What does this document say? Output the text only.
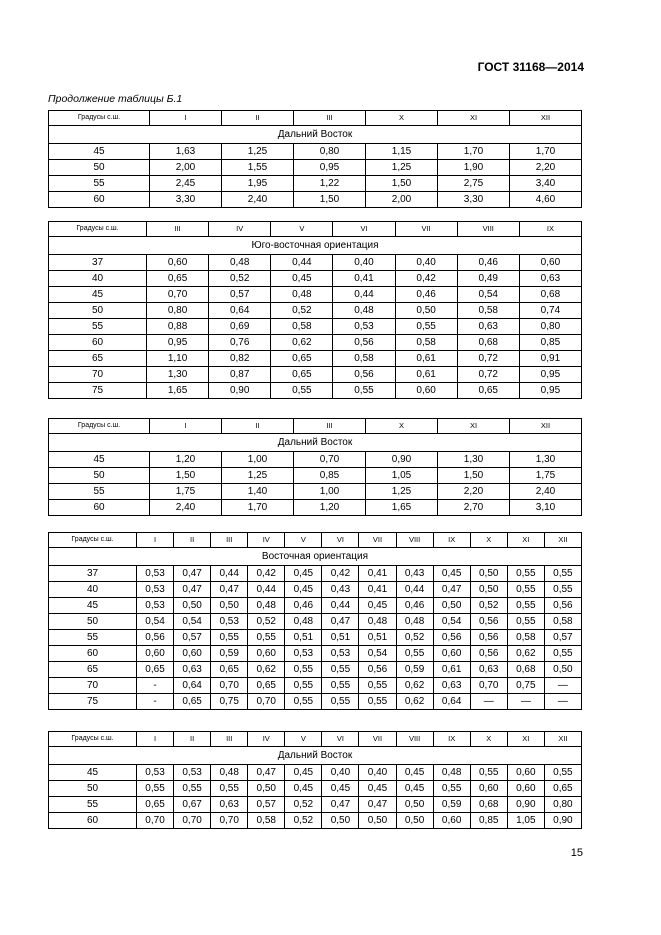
ГОСТ 31168—2014
Продолжение таблицы Б.1
Градусы с.ш.	I	II	III	X	XI	XII
Дальний Восток						
45	1,63	1,25	0,80	1,15	1,70	1,70
50	2,00	1,55	0,95	1,25	1,90	2,20
55	2,45	1,95	1,22	1,50	2,75	3,40
60	3,30	2,40	1,50	2,00	3,30	4,60
Градусы с.ш.	III	IV	V	VI	VII	VIII	IX
Юго-восточная ориентация							
37	0,60	0,48	0,44	0,40	0,40	0,46	0,60
40	0,65	0,52	0,45	0,41	0,42	0,49	0,63
45	0,70	0,57	0,48	0,44	0,46	0,54	0,68
50	0,80	0,64	0,52	0,48	0,50	0,58	0,74
55	0,88	0,69	0,58	0,53	0,55	0,63	0,80
60	0,95	0,76	0,62	0,56	0,58	0,68	0,85
65	1,10	0,82	0,65	0,58	0,61	0,72	0,91
70	1,30	0,87	0,65	0,56	0,61	0,72	0,95
75	1,65	0,90	0,55	0,55	0,60	0,65	0,95
Градусы с.ш.	I	II	III	X	XI	XII
Дальний Восток						
45	1,20	1,00	0,70	0,90	1,30	1,30
50	1,50	1,25	0,85	1,05	1,50	1,75
55	1,75	1,40	1,00	1,25	2,20	2,40
60	2,40	1,70	1,20	1,65	2,70	3,10
Градусы с.ш.	I	II	III	IV	V	VI	VII	VIII	IX	X	XI	XII
Восточная ориентация												
37	0,53	0,47	0,44	0,42	0,45	0,42	0,41	0,43	0,45	0,50	0,55	0,55
40	0,53	0,47	0,47	0,44	0,45	0,43	0,41	0,44	0,47	0,50	0,55	0,55
45	0,53	0,50	0,50	0,48	0,46	0,44	0,45	0,46	0,50	0,52	0,55	0,56
50	0,54	0,54	0,53	0,52	0,48	0,47	0,48	0,48	0,54	0,56	0,55	0,58
55	0,56	0,57	0,55	0,55	0,51	0,51	0,51	0,52	0,56	0,56	0,58	0,57
60	0,60	0,60	0,59	0,60	0,53	0,53	0,54	0,55	0,60	0,56	0,62	0,55
65	0,65	0,63	0,65	0,62	0,55	0,55	0,56	0,59	0,61	0,63	0,68	0,50
70	-	0,64	0,70	0,65	0,55	0,55	0,55	0,62	0,63	0,70	0,75	—
75	-	0,65	0,75	0,70	0,55	0,55	0,55	0,62	0,64	—	—	—
Градусы с.ш.	I	II	III	IV	V	VI	VII	VIII	IX	X	XI	XII
Дальний Восток												
45	0,53	0,53	0,48	0,47	0,45	0,40	0,40	0,45	0,48	0,55	0,60	0,55
50	0,55	0,55	0,55	0,50	0,45	0,45	0,45	0,45	0,55	0,60	0,60	0,65
55	0,65	0,67	0,63	0,57	0,52	0,47	0,47	0,50	0,59	0,68	0,90	0,80
60	0,70	0,70	0,70	0,58	0,52	0,50	0,50	0,50	0,60	0,85	1,05	0,90
15
